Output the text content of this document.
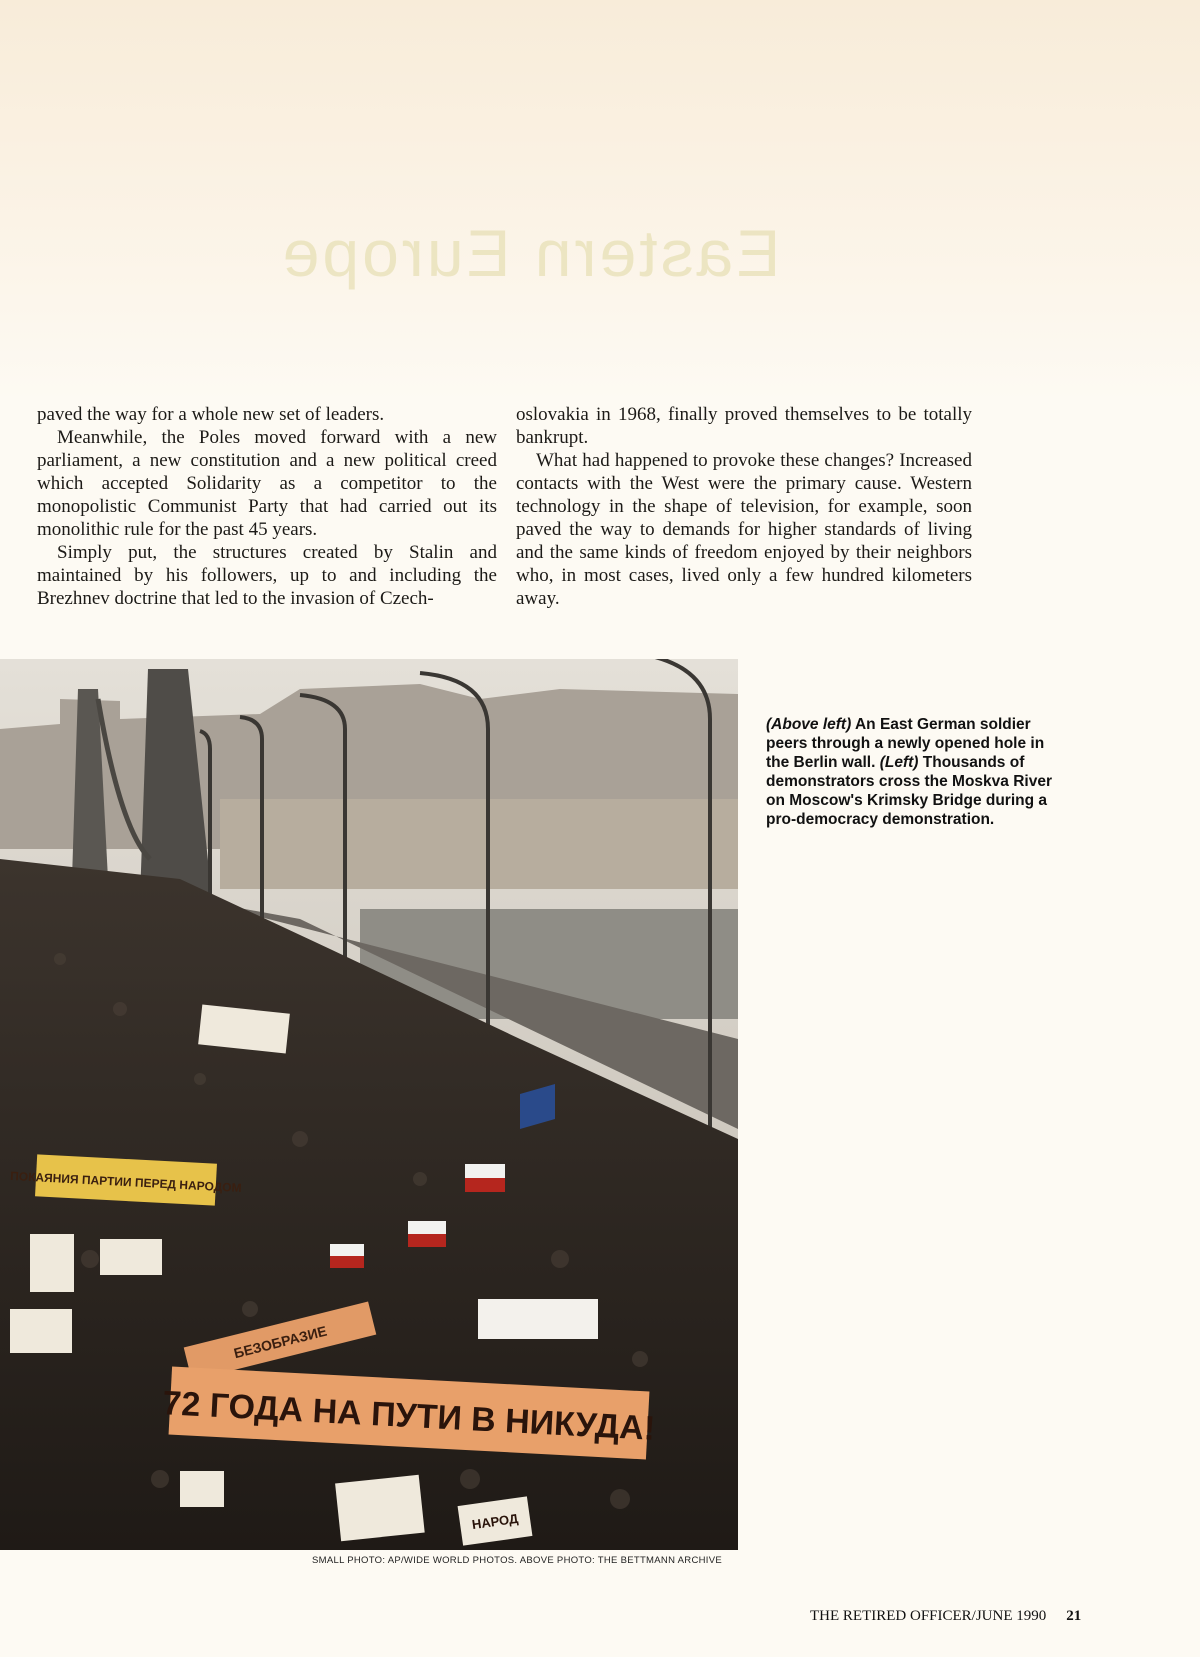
Eastern Europe

paved the way for a whole new set of leaders.

Meanwhile, the Poles moved forward with a new parliament, a new constitution and a new political creed which accepted Solidarity as a competitor to the monopolistic Communist Party that had carried out its monolithic rule for the past 45 years.

Simply put, the structures created by Stalin and maintained by his followers, up to and including the Brezhnev doctrine that led to the invasion of Czech-

oslovakia in 1968, finally proved themselves to be totally bankrupt.

What had happened to provoke these changes? Increased contacts with the West were the primary cause. Western technology in the shape of television, for example, soon paved the way to demands for higher standards of living and the same kinds of freedom enjoyed by their neighbors who, in most cases, lived only a few hundred kilometers away.

ПОКАЯНИЯ ПАРТИИ ПЕРЕД НАРОДОМ
БЕЗОБРАЗИЕ
72 ГОДА НА ПУТИ В НИКУДА!
НАРОД
(Above left) An East German soldier peers through a newly opened hole in the Berlin wall. (Left) Thousands of demonstrators cross the Moskva River on Moscow's Krimsky Bridge during a pro-democracy demonstration.
SMALL PHOTO: AP/WIDE WORLD PHOTOS. ABOVE PHOTO: THE BETTMANN ARCHIVE
THE RETIRED OFFICER/JUNE 1990 21
